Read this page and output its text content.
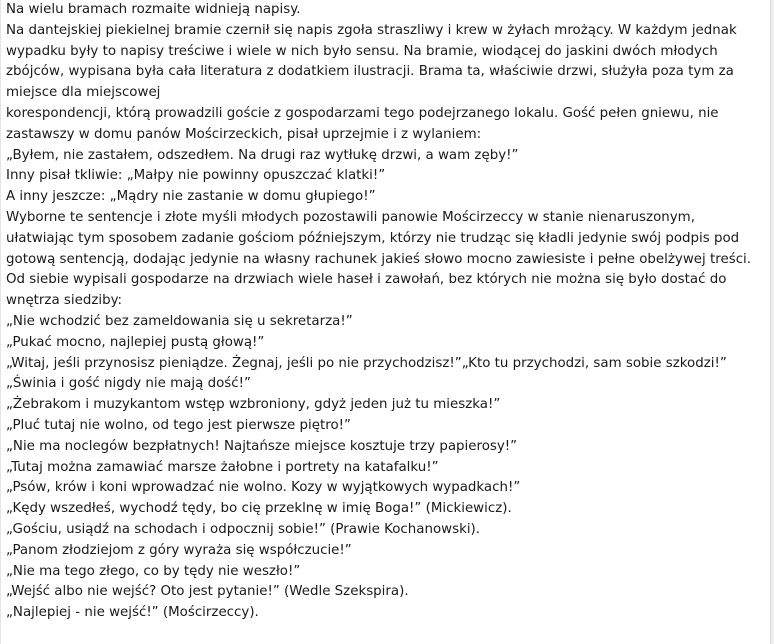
Na wielu bramach rozmaite widnieją napisy.
Na dantejskiej piekielnej bramie czernił się napis zgoła straszliwy i krew w żyłach mrożący. W każdym jednak
wypadku były to napisy treściwe i wiele w nich było sensu. Na bramie, wiodącej do jaskini dwóch młodych
zbójców, wypisana była cała literatura z dodatkiem ilustracji. Brama ta, właściwie drzwi, służyła poza tym za
miejsce dla miejscowej
korespondencji, którą prowadzili goście z gospodarzami tego podejrzanego lokalu. Gość pełen gniewu, nie
zastawszy w domu panów Mościrzeckich, pisał uprzejmie i z wylaniem:
„Byłem, nie zastałem, odszedłem. Na drugi raz wytłukę drzwi, a wam zęby!”
Inny pisał tkliwie: „Małpy nie powinny opuszczać klatki!”
A inny jeszcze: „Mądry nie zastanie w domu głupiego!”
Wyborne te sentencje i złote myśli młodych pozostawili panowie Mościrzeccy w stanie nienaruszonym,
ułatwiając tym sposobem zadanie gościom późniejszym, którzy nie trudząc się kładli jedynie swój podpis pod
gotową sentencją, dodając jedynie na własny rachunek jakieś słowo mocno zawiesiste i pełne obelżywej treści.
Od siebie wypisali gospodarze na drzwiach wiele haseł i zawołań, bez których nie można się było dostać do
wnętrza siedziby:
„Nie wchodzić bez zameldowania się u sekretarza!”
„Pukać mocno, najlepiej pustą głową!”
„Witaj, jeśli przynosisz pieniądze. Żegnaj, jeśli po nie przychodzisz!”„Kto tu przychodzi, sam sobie szkodzi!”
„Świnia i gość nigdy nie mają dość!”
„Żebrakom i muzykantom wstęp wzbroniony, gdyż jeden już tu mieszka!”
„Pluć tutaj nie wolno, od tego jest pierwsze piętro!”
„Nie ma noclegów bezpłatnych! Najtańsze miejsce kosztuje trzy papierosy!”
„Tutaj można zamawiać marsze żałobne i portrety na katafalku!”
„Psów, krów i koni wprowadzać nie wolno. Kozy w wyjątkowych wypadkach!”
„Kędy wszedłeś, wychodź tędy, bo cię przeklnę w imię Boga!” (Mickiewicz).
„Gościu, usiądź na schodach i odpocznij sobie!” (Prawie Kochanowski).
„Panom złodziejom z góry wyraża się współczucie!”
„Nie ma tego złego, co by tędy nie weszło!”
„Wejść albo nie wejść? Oto jest pytanie!” (Wedle Szekspira).
„Najlepiej - nie wejść!” (Mościrzeccy).
